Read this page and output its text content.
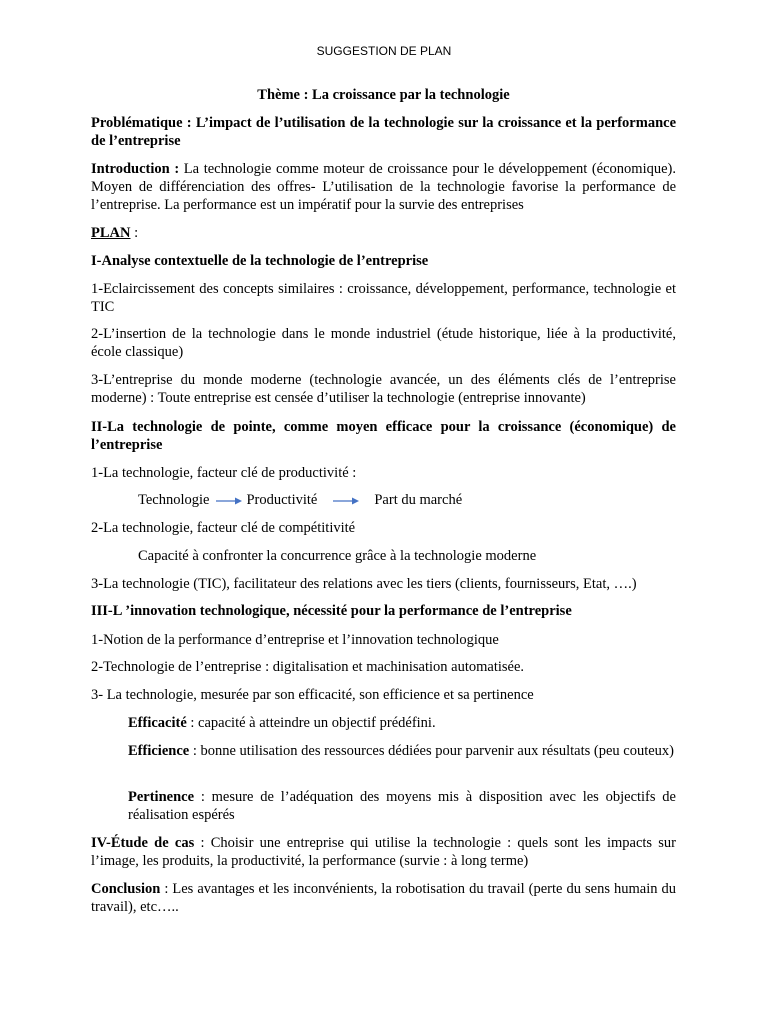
SUGGESTION DE PLAN

Thème : La croissance par la technologie

Problématique : L’impact de l’utilisation de la technologie sur la croissance et la performance de l’entreprise

Introduction : La technologie comme moteur de croissance pour le développement (économique). Moyen de différenciation des offres- L’utilisation de la technologie favorise la performance de l’entreprise. La performance est un impératif pour la survie des entreprises

PLAN :

I-Analyse contextuelle de la technologie de l’entreprise

1-Eclaircissement des concepts similaires : croissance, développement, performance, technologie et TIC

2-L’insertion de la technologie dans le monde industriel (étude historique, liée à la productivité, école classique)

3-L’entreprise du monde moderne (technologie avancée, un des éléments clés de l’entreprise moderne) : Toute entreprise est censée d’utiliser la technologie (entreprise innovante)

II-La technologie de pointe, comme moyen efficace pour la croissance (économique) de l’entreprise

1-La technologie, facteur clé de productivité :

Technologie	Productivité	Part du marché

2-La technologie, facteur clé de compétitivité

Capacité à confronter la concurrence grâce à la technologie moderne

3-La technologie (TIC), facilitateur des relations avec les tiers (clients, fournisseurs, Etat, ….)

III-L ’innovation technologique, nécessité pour la performance de l’entreprise

1-Notion de la performance d’entreprise et l’innovation technologique

2-Technologie de l’entreprise : digitalisation et machinisation automatisée.

3- La technologie, mesurée par son efficacité, son efficience et sa pertinence

Efficacité : capacité à atteindre un objectif prédéfini.

Efficience : bonne utilisation des ressources dédiées pour parvenir aux résultats (peu couteux)

Pertinence : mesure de l’adéquation des moyens mis à disposition avec les objectifs de réalisation espérés

IV-Étude de cas : Choisir une entreprise qui utilise la technologie : quels sont les impacts sur l’image, les produits, la productivité, la performance (survie : à long terme)

Conclusion : Les avantages et les inconvénients, la robotisation du travail (perte du sens humain du travail), etc…..
